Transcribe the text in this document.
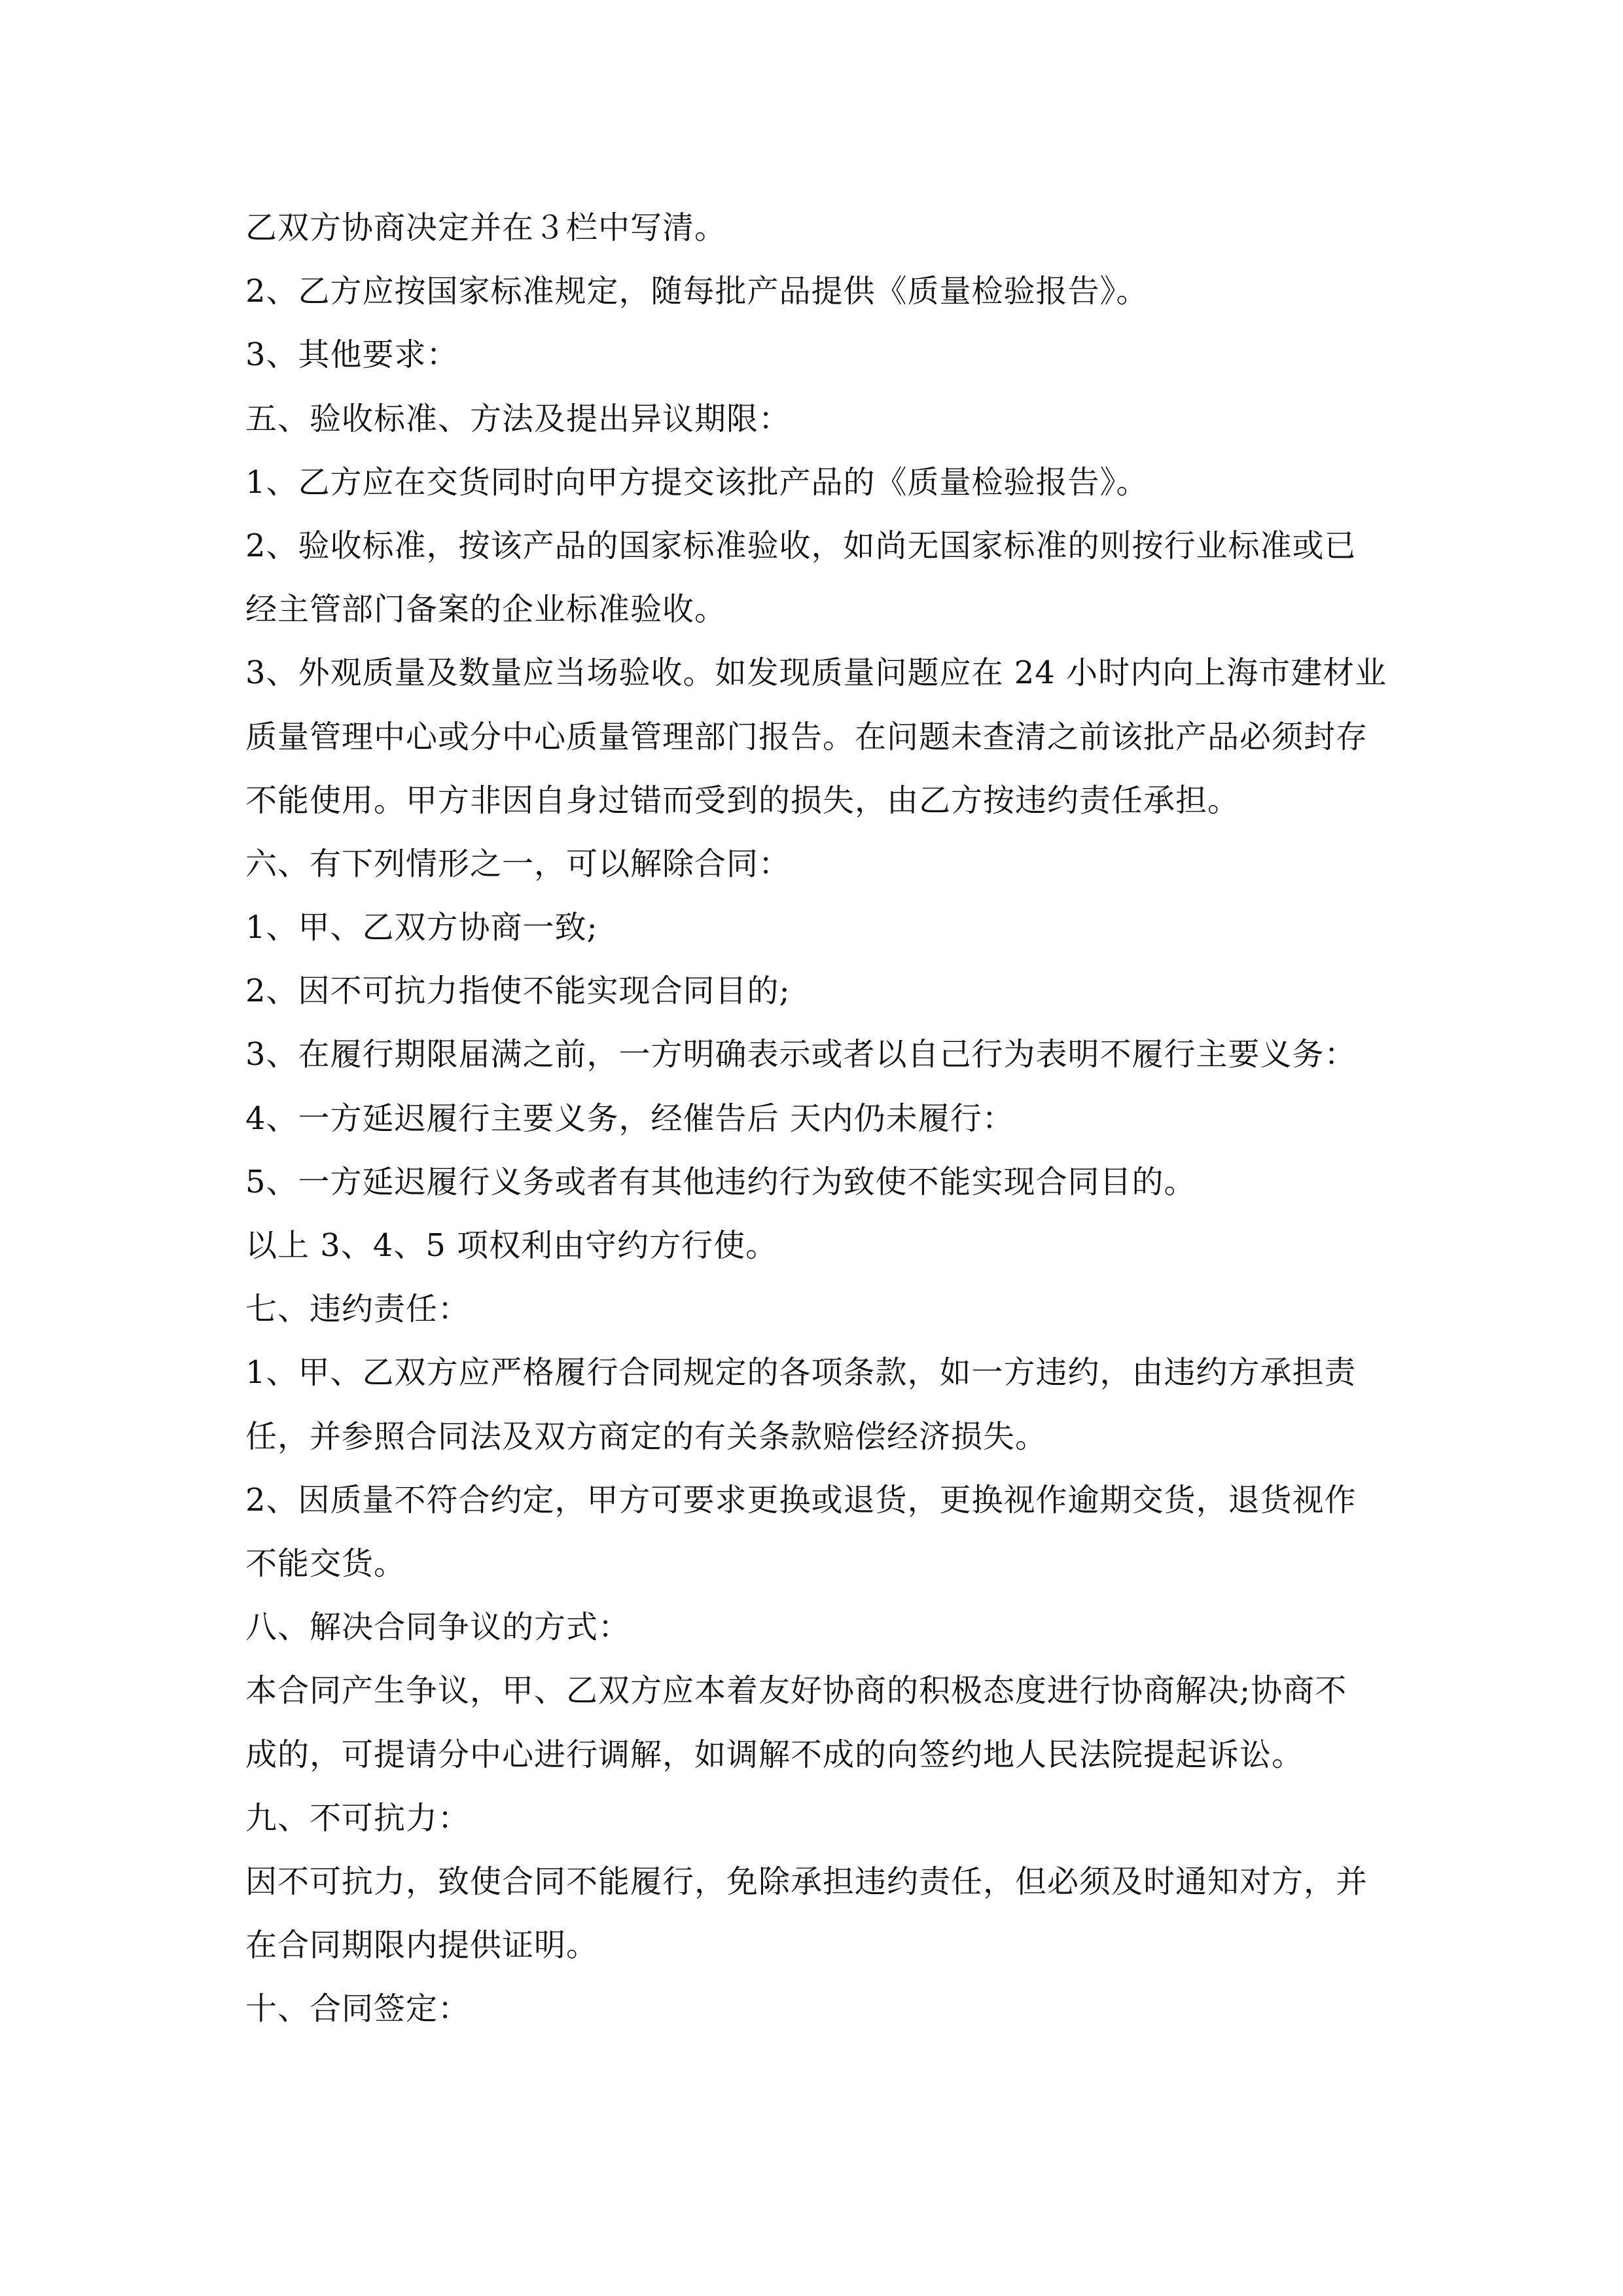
乙双方协商决定并在３栏中写清。
2、乙方应按国家标准规定，随每批产品提供《质量检验报告》。
3、其他要求：
五、验收标准、方法及提出异议期限：
1、乙方应在交货同时向甲方提交该批产品的《质量检验报告》。
2、验收标准，按该产品的国家标准验收，如尚无国家标准的则按行业标准或已
经主管部门备案的企业标准验收。
3、外观质量及数量应当场验收。如发现质量问题应在 24 小时内向上海市建材业
质量管理中心或分中心质量管理部门报告。在问题未查清之前该批产品必须封存
不能使用。甲方非因自身过错而受到的损失，由乙方按违约责任承担。
六、有下列情形之一，可以解除合同：
1、甲、乙双方协商一致;
2、因不可抗力指使不能实现合同目的;
3、在履行期限届满之前，一方明确表示或者以自己行为表明不履行主要义务：
4、一方延迟履行主要义务，经催告后 天内仍未履行：
5、一方延迟履行义务或者有其他违约行为致使不能实现合同目的。
以上 3、4、5 项权利由守约方行使。
七、违约责任：
1、甲、乙双方应严格履行合同规定的各项条款，如一方违约，由违约方承担责
任，并参照合同法及双方商定的有关条款赔偿经济损失。
2、因质量不符合约定，甲方可要求更换或退货，更换视作逾期交货，退货视作
不能交货。
八、解决合同争议的方式：
本合同产生争议，甲、乙双方应本着友好协商的积极态度进行协商解决;协商不
成的，可提请分中心进行调解，如调解不成的向签约地人民法院提起诉讼。
九、不可抗力：
因不可抗力，致使合同不能履行，免除承担违约责任，但必须及时通知对方，并
在合同期限内提供证明。
十、合同签定：
